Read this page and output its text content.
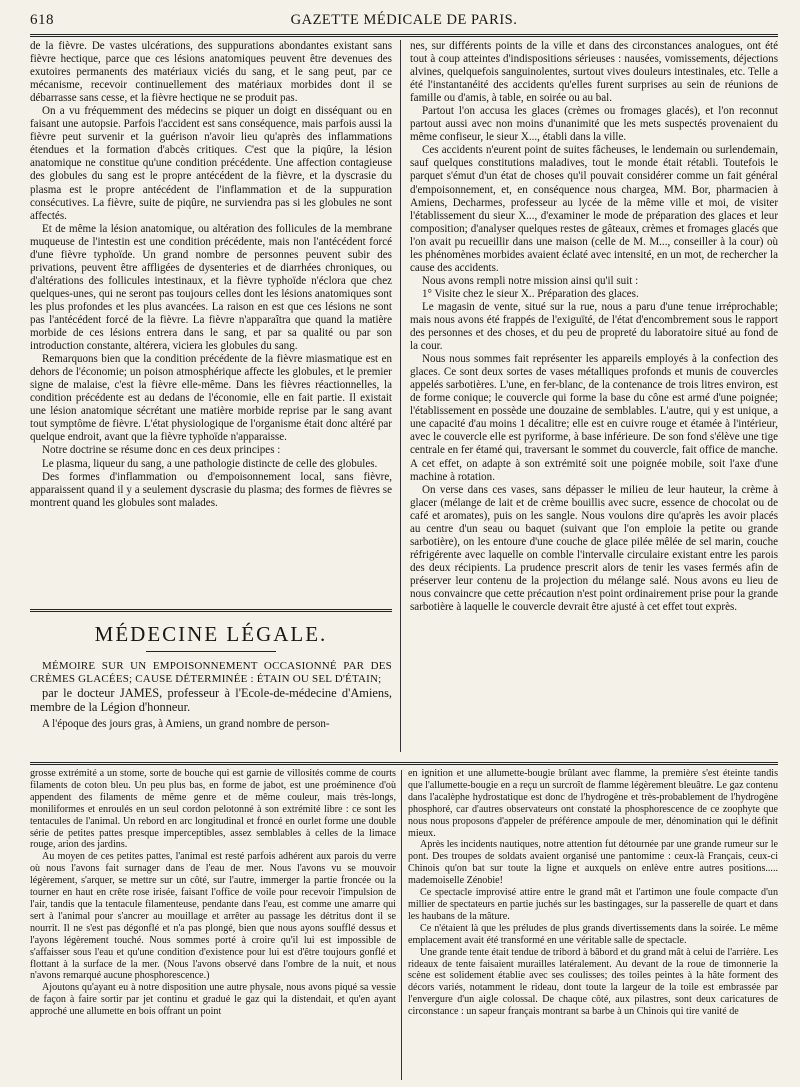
618	GAZETTE MÉDICALE DE PARIS.

de la fièvre. De vastes ulcérations, des suppurations abondantes existant sans fièvre hectique, parce que ces lésions anatomiques peuvent être devenues des exutoires permanents des matériaux viciés du sang, et le sang peut, par ce mécanisme, recevoir continuellement des matériaux morbides dont il se débarrasse sans cesse, et la fièvre hectique ne se produit pas.

On a vu fréquemment des médecins se piquer un doigt en disséquant ou en faisant une autopsie. Parfois l'accident est sans conséquence, mais parfois aussi la fièvre peut survenir et la guérison n'avoir lieu qu'après des inflammations étendues et la formation d'abcès critiques. C'est que la piqûre, la lésion anatomique ne constitue qu'une condition précédente. Une affection contagieuse des globules du sang est le propre antécédent de la fièvre, et la dyscrasie du plasma est le propre antécédent de l'inflammation et de la suppuration consécutives. La fièvre, suite de piqûre, ne surviendra pas si les globules ne sont affectés.

Et de même la lésion anatomique, ou altération des follicules de la membrane muqueuse de l'intestin est une condition précédente, mais non l'antécédent forcé d'une fièvre typhoïde. Un grand nombre de personnes peuvent subir des privations, peuvent être affligées de dysenteries et de diarrhées chroniques, ou d'altérations des follicules intestinaux, et la fièvre typhoïde n'éclora que chez quelques-unes, qui ne seront pas toujours celles dont les lésions anatomiques sont les plus profondes et les plus avancées. La raison en est que ces lésions ne sont pas l'antécédent forcé de la fièvre. La fièvre n'apparaîtra que quand la matière morbide de ces lésions entrera dans le sang, et par sa qualité ou par son introduction constante, altérera, viciera les globules du sang.

Remarquons bien que la condition précédente de la fièvre miasmatique est en dehors de l'économie; un poison atmosphérique affecte les globules, et le premier signe de malaise, c'est la fièvre elle-même. Dans les fièvres réactionnelles, la condition précédente est au dedans de l'économie, elle en fait partie. Il existait une lésion anatomique sécrétant une matière morbide reprise par le sang avant tout symptôme de fièvre. L'état physiologique de l'organisme était donc altéré par quelque endroit, avant que la fièvre typhoïde n'apparaisse.

Notre doctrine se résume donc en ces deux principes :

Le plasma, liqueur du sang, a une pathologie distincte de celle des globules.

Des formes d'inflammation ou d'empoisonnement local, sans fièvre, apparaissent quand il y a seulement dyscrasie du plasma; des formes de fièvres se montrent quand les globules sont malades.

MÉDECINE LÉGALE.

MÉMOIRE SUR UN EMPOISONNEMENT OCCASIONNÉ PAR DES CRÈMES GLACÉES; CAUSE DÉTERMINÉE : ÉTAIN OU SEL D'ÉTAIN;

par le docteur JAMES, professeur à l'Ecole-de-médecine d'Amiens, membre de la Légion d'honneur.

A l'époque des jours gras, à Amiens, un grand nombre de person-

nes, sur différents points de la ville et dans des circonstances analogues, ont été tout à coup atteintes d'indispositions sérieuses : nausées, vomissements, déjections alvines, quelquefois sanguinolentes, surtout vives douleurs intestinales, etc. Telle a été l'instantanéité des accidents qu'elles furent surprises au sein de réunions de famille ou d'amis, à table, en soirée ou au bal.

Partout l'on accusa les glaces (crèmes ou fromages glacés), et l'on reconnut partout aussi avec non moins d'unanimité que les mets suspectés provenaient du même confiseur, le sieur X..., établi dans la ville.

Ces accidents n'eurent point de suites fâcheuses, le lendemain ou surlendemain, sauf quelques constitutions maladives, tout le monde était rétabli. Toutefois le parquet s'émut d'un état de choses qu'il pouvait considérer comme un fait général d'empoisonnement, et, en conséquence nous chargea, MM. Bor, pharmacien à Amiens, Decharmes, professeur au lycée de la même ville et moi, de visiter l'établissement du sieur X..., d'examiner le mode de préparation des glaces et leur composition; d'analyser quelques restes de gâteaux, crèmes et fromages glacés que l'on avait pu recueillir dans une maison (celle de M. M..., conseiller à la cour) où les phénomènes morbides avaient éclaté avec intensité, en un mot, de rechercher la cause des accidents.

Nous avons rempli notre mission ainsi qu'il suit :

1° Visite chez le sieur X.. Préparation des glaces.

Le magasin de vente, situé sur la rue, nous a paru d'une tenue irréprochable; mais nous avons été frappés de l'exiguïté, de l'état d'encombrement sous le rapport des personnes et des choses, et du peu de propreté du laboratoire situé au fond de la cour.

Nous nous sommes fait représenter les appareils employés à la confection des glaces. Ce sont deux sortes de vases métalliques profonds et munis de couvercles appelés sarbotières. L'une, en fer-blanc, de la contenance de trois litres environ, est de forme conique; le couvercle qui forme la base du cône est armé d'une poignée; l'établissement en possède une douzaine de semblables. L'autre, qui y est unique, a une capacité d'au moins 1 décalitre; elle est en cuivre rouge et étamée à l'intérieur, avec le couvercle elle est pyriforme, à base inférieure. De son fond s'élève une tige centrale en fer étamé qui, traversant le sommet du couvercle, fait office de manche. A cet effet, on adapte à son extrémité soit une poignée mobile, soit l'axe d'une machine à rotation.

On verse dans ces vases, sans dépasser le milieu de leur hauteur, la crème à glacer (mélange de lait et de crème bouillis avec sucre, essence de chocolat ou de café et aromates), puis on les sangle. Nous voulons dire qu'après les avoir placés au centre d'un seau ou baquet (suivant que l'on emploie la petite ou grande sarbotière), on les entoure d'une couche de glace pilée mêlée de sel marin, couche réfrigérente avec laquelle on comble l'intervalle circulaire existant entre les parois des deux récipients. La prudence prescrit alors de tenir les vases fermés afin de préserver leur contenu de la projection du mélange salé. Nous avons eu lieu de nous convaincre que cette précaution n'est point ordinairement prise pour la grande sarbotière à laquelle le couvercle devrait être ajusté à cet effet tout exprès.

grosse extrémité a un stome, sorte de bouche qui est garnie de villosités comme de courts filaments de coton bleu. Un peu plus bas, en forme de jabot, est une proéminence d'où appendent des filaments de même genre et de même couleur, mais très-longs, moniliformes et enroulés en un seul cordon pelotonné à son extrémité libre : ce sont les tentacules de l'animal. Un rebord en arc longitudinal et froncé en ourlet forme une double série de petites pattes presque imperceptibles, assez semblables à celles de la limace rouge, arion des jardins.

Au moyen de ces petites pattes, l'animal est resté parfois adhérent aux parois du verre où nous l'avons fait surnager dans de l'eau de mer. Nous l'avons vu se mouvoir légèrement, s'arquer, se mettre sur un côté, sur l'autre, immerger la partie froncée ou la tourner en haut en crête rose irisée, faisant l'office de voile pour recevoir l'impulsion de l'air, tandis que la tentacule filamenteuse, pendante dans l'eau, est comme une amarre qui sert à l'animal pour s'ancrer au mouillage et arrêter au passage les détritus dont il se nourrit. Il ne s'est pas dégonflé et n'a pas plongé, bien que nous ayons soufflé dessus et l'ayons légèrement touché. Nous sommes porté à croire qu'il lui est impossible de s'affaisser sous l'eau et qu'une condition d'existence pour lui est d'être toujours gonflé et flottant à la surface de la mer. (Nous l'avons observé dans l'ombre de la nuit, et nous n'avons remarqué aucune phosphorescence.)

Ajoutons qu'ayant eu à notre disposition une autre physale, nous avons piqué sa vessie de façon à faire sortir par jet continu et gradué le gaz qui la distendait, et qu'en ayant approché une allumette en bois offrant un point

en ignition et une allumette-bougie brûlant avec flamme, la première s'est éteinte tandis que l'allumette-bougie en a reçu un surcroît de flamme légèrement bleuâtre. Le gaz contenu dans l'acalèphe hydrostatique est donc de l'hydrogène et très-probablement de l'hydrogène phosphoré, car d'autres observateurs ont constaté la phosphorescence de ce zoophyte que nous nous proposons d'appeler de préférence ampoule de mer, dénomination qui le définit mieux.

Après les incidents nautiques, notre attention fut détournée par une grande rumeur sur le pont. Des troupes de soldats avaient organisé une pantomime : ceux-là Français, ceux-ci Chinois qu'on bat sur toute la ligne et auxquels on enlève entre autres positions..... mademoiselle Zénobie!

Ce spectacle improvisé attire entre le grand mât et l'artimon une foule compacte d'un millier de spectateurs en partie juchés sur les bastingages, sur la passerelle de quart et dans les haubans de la mâture.

Ce n'étaient là que les préludes de plus grands divertissements dans la soirée. Le même emplacement avait été transformé en une véritable salle de spectacle.

Une grande tente était tendue de tribord à bâbord et du grand mât à celui de l'arrière. Les rideaux de tente faisaient murailles latéralement. Au devant de la roue de timonnerie la scène est solidement établie avec ses coulisses; des toiles peintes à la hâte forment des décors variés, notamment le rideau, dont toute la largeur de la toile est embrassée par l'envergure d'un aigle colossal. De chaque côté, aux pilastres, sont deux caricatures de circonstance : un sapeur français montrant sa barbe à un Chinois qui tire vanité de
